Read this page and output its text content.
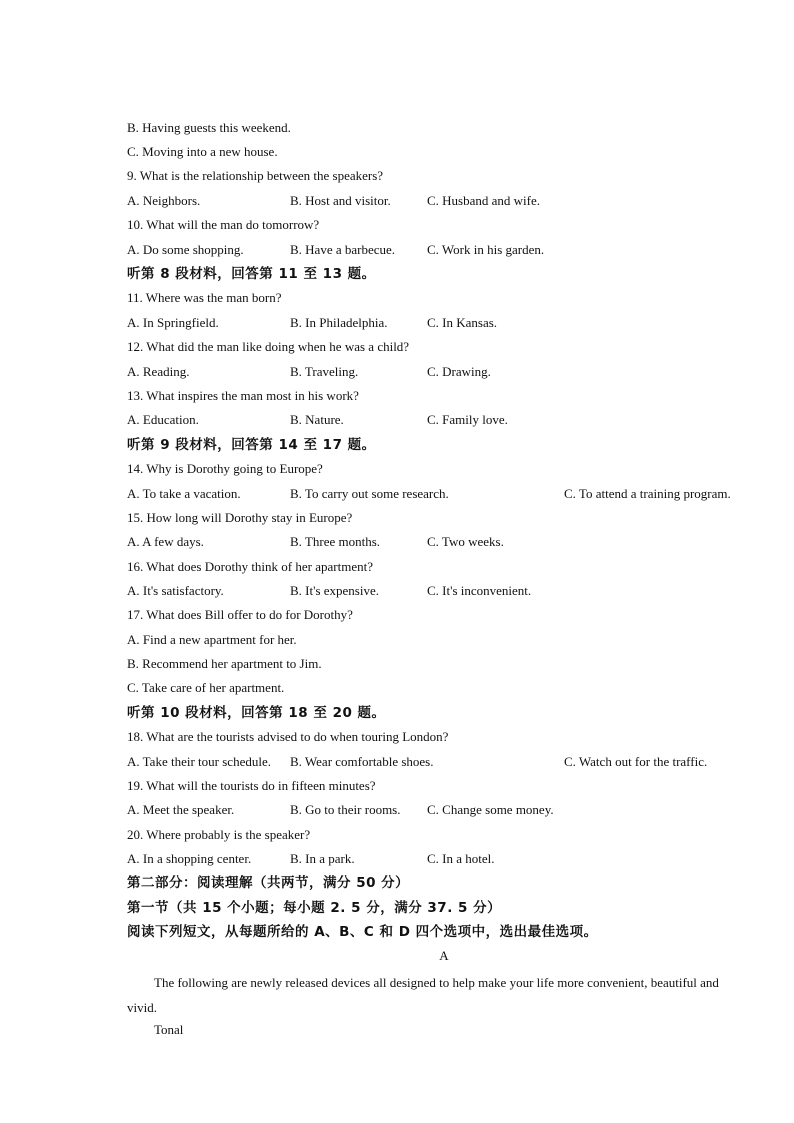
B. Having guests this weekend.
C. Moving into a new house.
9. What is the relationship between the speakers?
A. Neighbors.	B. Host and visitor.	C. Husband and wife.
10. What will the man do tomorrow?
A. Do some shopping.	B. Have a barbecue. C. Work in his garden.
听第 8 段材料，回答第 11 至 13 题。
11. Where was the man born?
A. In Springfield.	B. In Philadelphia.	C. In Kansas.
12. What did the man like doing when he was a child?
A. Reading.	B. Traveling.	C. Drawing.
13. What inspires the man most in his work?
A. Education.	B. Nature.	C. Family love.
听第 9 段材料，回答第 14 至 17 题。
14. Why is Dorothy going to Europe?
A. To take a vacation.	B. To carry out some research.	C. To attend a training program.
15. How long will Dorothy stay in Europe?
A. A few days.	B. Three months.	C. Two weeks.
16. What does Dorothy think of her apartment?
A. It's satisfactory.	B. It's expensive.	C. It's inconvenient.
17. What does Bill offer to do for Dorothy?
A. Find a new apartment for her.
B. Recommend her apartment to Jim.
C. Take care of her apartment.
听第 10 段材料，回答第 18 至 20 题。
18. What are the tourists advised to do when touring London?
A. Take their tour schedule. B. Wear comfortable shoes.	C. Watch out for the traffic.
19. What will the tourists do in fifteen minutes?
A. Meet the speaker.	B. Go to their rooms. C. Change some money.
20. Where probably is the speaker?
A. In a shopping center.	B. In a park.	C. In a hotel.
第二部分：阅读理解（共两节，满分 50 分）
第一节（共 15 个小题；每小题 2. 5 分，满分 37. 5 分）
阅读下列短文，从每题所给的 A、B、C 和 D 四个选项中，选出最佳选项。
A
The following are newly released devices all designed to help make your life more convenient, beautiful and vivid.
Tonal
